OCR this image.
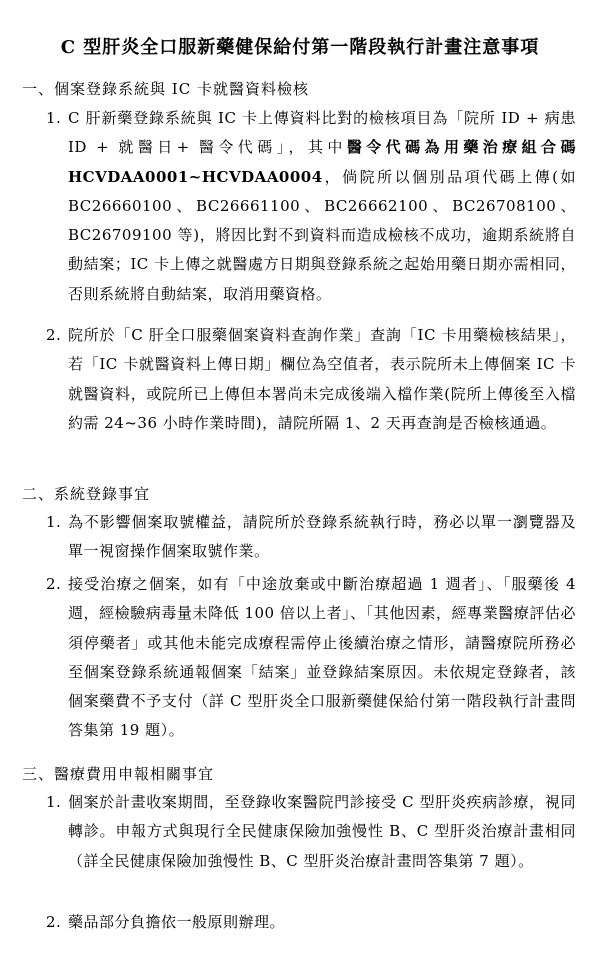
C 型肝炎全口服新藥健保給付第一階段執行計畫注意事項
一、個案登錄系統與 IC 卡就醫資料檢核
1. C 肝新藥登錄系統與 IC 卡上傳資料比對的檢核項目為「院所 ID + 病患 ID + 就醫日+ 醫令代碼」，其中醫令代碼為用藥治療組合碼 HCVDAA0001~HCVDAA0004，倘院所以個別品項代碼上傳(如 BC26660100、BC26661100、BC26662100、BC26708100、BC26709100 等)，將因比對不到資料而造成檢核不成功，逾期系統將自動結案；IC 卡上傳之就醫處方日期與登錄系統之起始用藥日期亦需相同，否則系統將自動結案，取消用藥資格。
2. 院所於「C 肝全口服藥個案資料查詢作業」查詢「IC 卡用藥檢核結果」，若「IC 卡就醫資料上傳日期」欄位為空值者，表示院所未上傳個案 IC 卡就醫資料，或院所已上傳但本署尚未完成後端入檔作業(院所上傳後至入檔約需 24~36 小時作業時間)，請院所隔 1、2 天再查詢是否檢核通過。
二、系統登錄事宜
1. 為不影響個案取號權益，請院所於登錄系統執行時，務必以單一瀏覽器及單一視窗操作個案取號作業。
2. 接受治療之個案，如有「中途放棄或中斷治療超過 1 週者」、「服藥後 4 週，經檢驗病毒量未降低 100 倍以上者」、「其他因素，經專業醫療評估必須停藥者」或其他未能完成療程需停止後續治療之情形，請醫療院所務必至個案登錄系統通報個案「結案」並登錄結案原因。未依規定登錄者，該個案藥費不予支付（詳 C 型肝炎全口服新藥健保給付第一階段執行計畫問答集第 19 題）。
三、醫療費用申報相關事宜
1. 個案於計畫收案期間，至登錄收案醫院門診接受 C 型肝炎疾病診療，視同轉診。申報方式與現行全民健康保險加強慢性 B、C 型肝炎治療計畫相同（詳全民健康保險加強慢性 B、C 型肝炎治療計畫問答集第 7 題）。
2. 藥品部分負擔依一般原則辦理。
